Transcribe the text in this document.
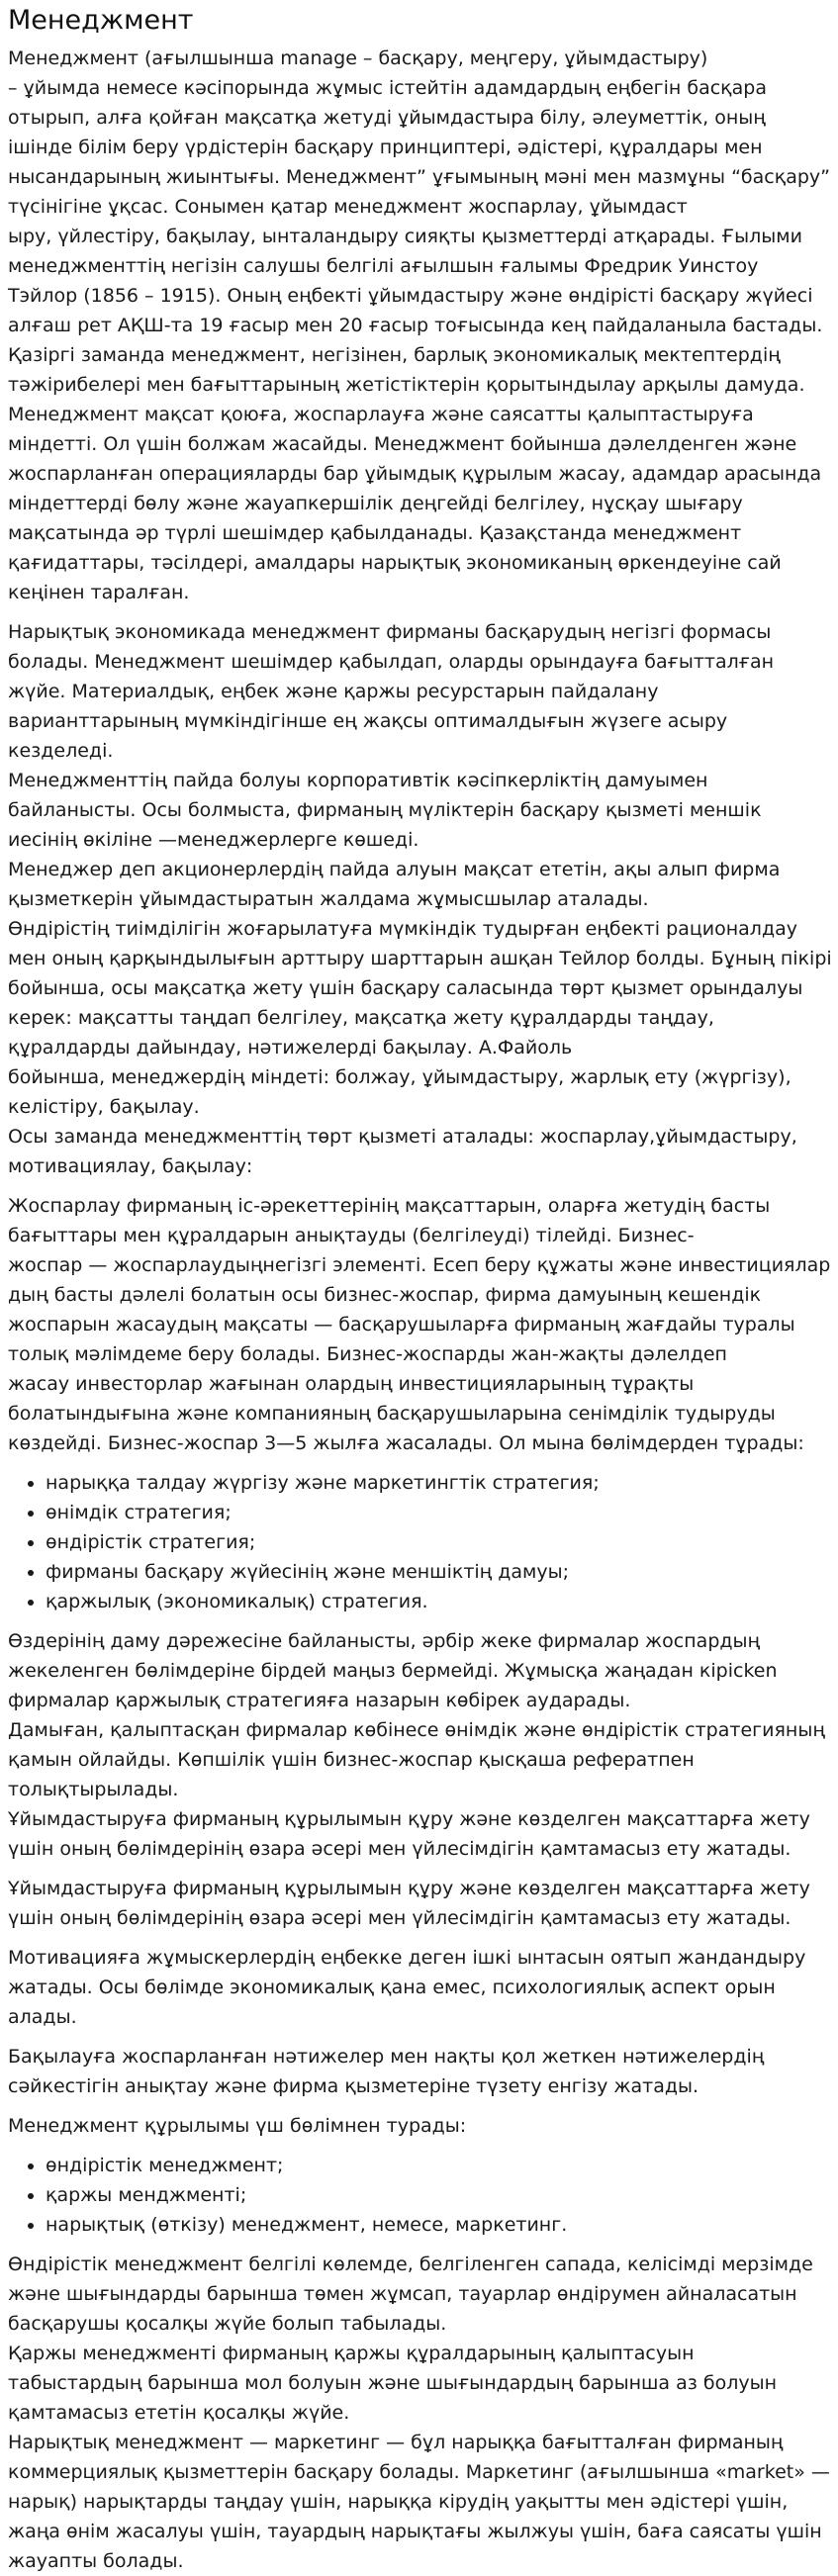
Менеджмент

Менеджмент (ағылшынша manage – басқару, меңгеру, ұйымдастыру)
– ұйымда немесе кәсіпорында жұмыс істейтін адамдардың еңбегін басқара
отырып, алға қойған мақсатқа жетуді ұйымдастыра білу, әлеуметтік, оның
ішінде білім беру үрдістерін басқару принциптері, әдістері, құралдары мен
нысандарының жиынтығы. Менеджмент” ұғымының мәні мен мазмұны “басқару”
түсінігіне ұқсас. Сонымен қатар менеджмент жоспарлау, ұйымдаст
ыру, үйлестіру, бақылау, ынталандыру сияқты қызметтерді атқарады. Ғылыми
менеджменттің негізін салушы белгілі ағылшын ғалымы Фредрик Уинстоу
Тэйлор (1856 – 1915). Оның еңбекті ұйымдастыру және өндірісті басқару жүйесі
алғаш рет АҚШ-та 19 ғасыр мен 20 ғасыр тоғысында кең пайдаланыла бастады.
Қазіргі заманда менеджмент, негізінен, барлық экономикалық мектептердің
тәжірибелері мен бағыттарының жетістіктерін қорытындылау арқылы дамуда.
Менеджмент мақсат қоюға, жоспарлауға және саясатты қалыптастыруға
міндетті. Ол үшін болжам жасайды. Менеджмент бойынша дәлелденген және
жоспарланған операцияларды бар ұйымдық құрылым жасау, адамдар арасында
міндеттерді бөлу және жауапкершілік деңгейді белгілеу, нұсқау шығару
мақсатында әр түрлі шешімдер қабылданады. Қазақстанда менеджмент
қағидаттары, тәсілдері, амалдары нарықтық экономиканың өркендеуіне сай
кеңінен таралған.

Нарықтық экономикада менеджмент фирманы басқарудың негізгі формасы
болады. Менеджмент шешімдер қабылдап, оларды орындауға бағытталған
жүйе. Материалдық, еңбек және қаржы ресурстарын пайдалану
варианттарының мүмкіндігінше ең жақсы оптималдығын жүзеге асыру
кезделеді.
Менеджменттің пайда болуы корпоративтік кәсіпкерліктің дамуымен
байланысты. Осы болмыста, фирманың мүліктерін басқару қызметі меншік
иесінің өкіліне —менеджерлерге көшеді.
Менеджер деп акционерлердің пайда алуын мақсат ететін, ақы алып фирма
қызметкерін ұйымдастыратын жалдама жұмысшылар аталады.
Өндірістің тиімділігін жоғарылатуға мүмкіндік тудырған еңбекті рационалдау
мен оның қарқындылығын арттыру шарттарын ашқан Тейлор болды. Бұның пікірі
бойынша, осы мақсатқа жету үшін басқару саласында төрт қызмет орындалуы
керек: мақсатты таңдап белгілеу, мақсатқа жету құралдарды таңдау,
құралдарды дайындау, нәтижелерді бақылау. А.Файоль
бойынша, менеджердің міндеті: болжау, ұйымдастыру, жарлық ету (жүргізу),
келістіру, бақылау.
Осы заманда менеджменттің төрт қызметі аталады: жоспарлау,ұйымдастыру,
мотивациялау, бақылау:

Жоспарлау фирманың іс-әрекеттерінің мақсаттарын, оларға жетудің басты
бағыттары мен құралдарын анықтауды (белгілеуді) тілейді. Бизнес-
жоспар — жоспарлаудыңнегізгі элементі. Есеп беру құжаты және инвестициялар
дың басты дәлелі болатын осы бизнес-жоспар, фирма дамуының кешендік
жоспарын жасаудың мақсаты — басқарушыларға фирманың жағдайы туралы
толық мәлімдеме беру болады. Бизнес-жоспарды жан-жақты дәлелдеп
жасау инвесторлар жағынан олардың инвестицияларының тұрақты
болатындығына және компанияның басқарушыларына сенімділік тудыруды
көздейді. Бизнес-жоспар 3—5 жылға жасалады. Ол мына бөлімдерден тұрады:

• нарыққа талдау жүргізу және маркетингтік стратегия;
• өнімдік стратегия;
• өндірістік стратегия;
• фирманы басқару жүйесінің және меншіктің дамуы;
• қаржылық (экономикалық) стратегия.

Өздерінің даму дәрежесіне байланысты, әрбір жеке фирмалар жоспардың
жекеленген бөлімдеріне бірдей маңыз бермейді. Жұмысқа жаңадан кірісken
фирмалар қаржылық стратегияға назарын көбірек аударады.
Дамыған, қалыптасқан фирмалар көбінесе өнімдік және өндірістік стратегияның
қамын ойлайды. Көпшілік үшін бизнес-жоспар қысқаша рефератпен
толықтырылады.
Ұйымдастыруға фирманың құрылымын құру және көзделген мақсаттарға жету
үшін оның бөлімдерінің өзара әсері мен үйлесімдігін қамтамасыз ету жатады.

Ұйымдастыруға фирманың құрылымын құру және көзделген мақсаттарға жету
үшін оның бөлімдерінің өзара әсері мен үйлесімдігін қамтамасыз ету жатады.

Мотивацияға жұмыскерлердің еңбекке деген ішкі ынтасын оятып жандандыру
жатады. Осы бөлімде экономикалық қана емес, психологиялық аспект орын
алады.

Бақылауға жоспарланған нәтижелер мен нақты қол жеткен нәтижелердің
сәйкестігін анықтау және фирма қызметеріне түзету енгізу жатады.

Менеджмент құрылымы үш бөлімнен турады:

• өндірістік менеджмент;
• қаржы менджменті;
• нарықтық (өткізу) менеджмент, немесе, маркетинг.

Өндірістік менеджмент белгілі көлемде, белгіленген сапада, келісімді мерзімде
және шығындарды барынша төмен жұмсап, тауарлар өндірумен айналасатын
басқарушы қосалқы жүйе болып табылады.
Қаржы менеджменті фирманың қаржы құралдарының қалыптасуын
табыстардың барынша мол болуын және шығындардың барынша аз болуын
қамтамасыз ететін қосалқы жүйе.
Нарықтық менеджмент — маркетинг — бұл нарыққа бағытталған фирманың
коммерциялық қызметтерін басқару болады. Маркетинг (ағылшынша «market» —
нарық) нарықтарды таңдау үшін, нарыққа кірудің уақытты мен әдістері үшін,
жаңа өнім жасалуы үшін, тауардың нарықтағы жылжуы үшін, баға саясаты үшін
жауапты болады.
